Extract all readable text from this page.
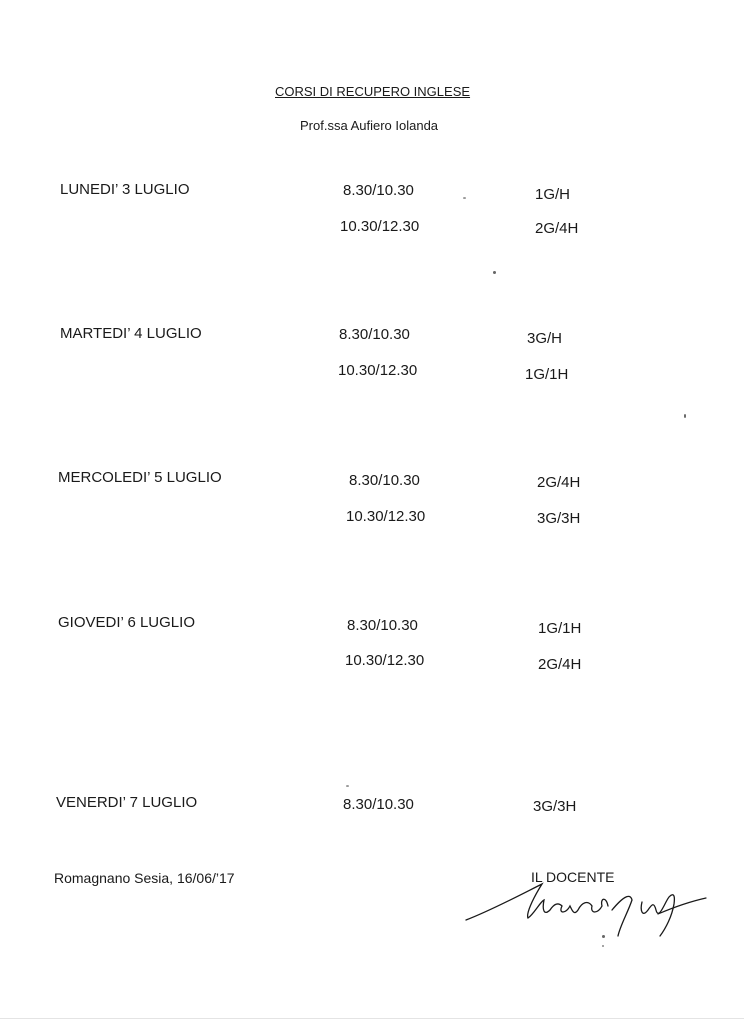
CORSI DI RECUPERO INGLESE
Prof.ssa Aufiero Iolanda
LUNEDI’ 3 LUGLIO	8.30/10.30	1G/H
10.30/12.30	2G/4H
MARTEDI’ 4 LUGLIO	8.30/10.30	3G/H
10.30/12.30	1G/1H
MERCOLEDI’ 5 LUGLIO	8.30/10.30	2G/4H
10.30/12.30	3G/3H
GIOVEDI’ 6 LUGLIO	8.30/10.30	1G/1H
10.30/12.30	2G/4H
VENERDI’ 7 LUGLIO	8.30/10.30	3G/3H
Romagnano Sesia, 16/06/’17	IL DOCENTE
